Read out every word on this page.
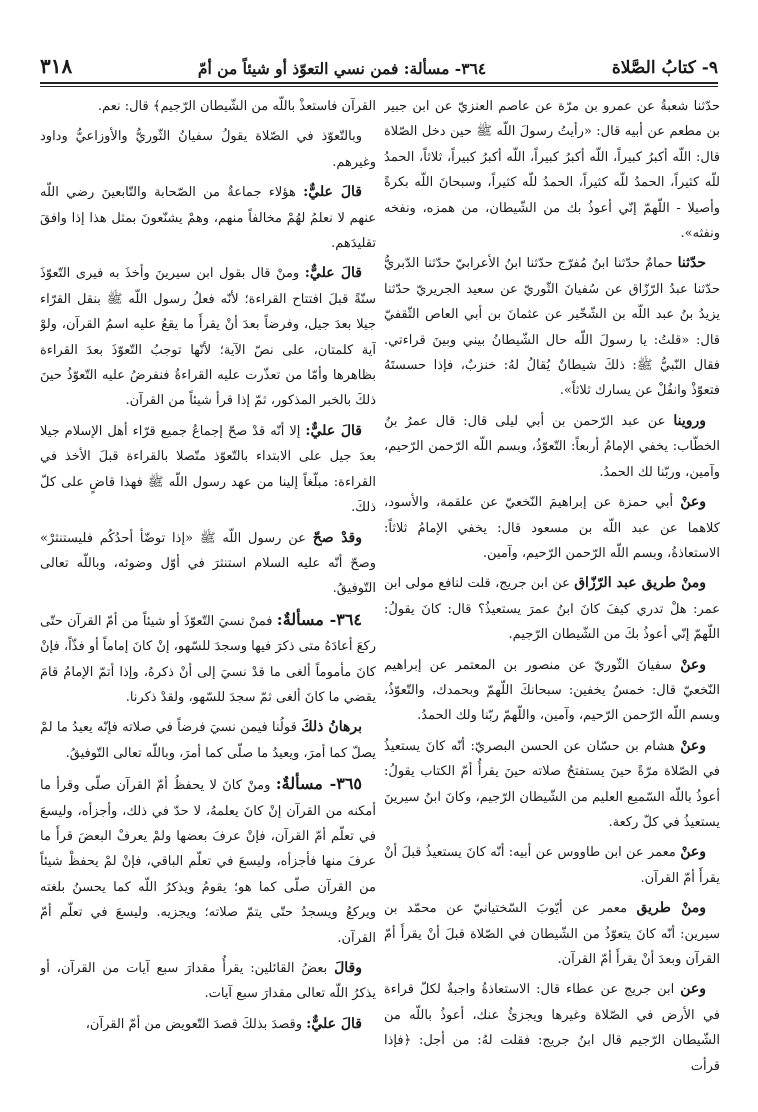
٩- كتابُ الصَّلاة
٣٦٤- مسألة: فمن نسي التعوّذ أو شيئاً من أمّ
٣١٨

حدّثنا شعبةُ عن عمرو بن مرّة عن عاصم العنزيّ عن ابن جبير بن مطعم عن أبيه قال: «رأيتُ رسولَ اللّه ﷺ حين دخل الصّلاة قال: اللّه أكبرُ كبيراً، اللّه أكبرُ كبيراً، اللّه أكبرُ كبيراً، ثلاثاً، الحمدُ للّه كثيراً، الحمدُ للّه كثيراً، الحمدُ للّه كثيراً، وسبحانَ اللّه بكرةً وأصيلا - اللّهمّ إنّي أعوذُ بك من الشّيطان، من همزه، ونفخه ونفثه».

حدّثنا حمامٌ حدّثنا ابنُ مُفرّج حدّثنا ابنُ الأعرابيّ حدّثنا الدّبريُّ حدّثنا عبدُ الرّزّاق عن سُفيانَ الثّوريّ عن سعيد الجريريّ حدّثنا يزيدُ بنُ عبد اللّه بن الشّخّير عن عثمانَ بن أبي العاص الثّقفيّ قال: «قلتُ: يا رسولَ اللّه حال الشّيطانُ بيني وبينَ قراءتي. فقال النّبيُّ ﷺ: ذلكَ شيطانٌ يُقالُ لهُ: خنزبٌ، فإذا حسستَهُ فتعوّذْ وانفُلْ عن يسارك ثلاثاً».

وروينا عن عبد الرّحمن بن أبي ليلى قال: قال عمرُ بنُ الخطّاب: يخفي الإمامُ أربعاً: التّعوّذُ، وبسم اللّه الرّحمن الرّحيم، وآمين، وربّنا لك الحمدُ.

وعنْ أبي حمزة عن إبراهيمَ النّخعيّ عن علقمة، والأسود، كلاهما عن عبد اللّه بن مسعود قال: يخفي الإمامُ ثلاثاً: الاستعاذةُ، وبسم اللّه الرّحمن الرّحيم، وآمين.

ومنْ طريق عبد الرّزّاق عن ابن جريج، قلت لنافع مولى ابن عمر: هلْ تدري كيفَ كانَ ابنُ عمرَ يستعيذُ؟ قال: كانَ يقولُ: اللّهمّ إنّي أعوذُ بكَ من الشّيطان الرّجيم.

وعنْ سفيانَ الثّوريّ عن منصور بن المعتمر عن إبراهيم النّخعيّ قال: خمسٌ يخفين: سبحانكَ اللّهمّ وبحمدك، والتّعوّذُ، وبسم اللّه الرّحمن الرّحيم، وآمين، واللّهمّ ربّنا ولك الحمدُ.

وعنْ هشام بن حسّان عن الحسن البصريّ: أنّه كانَ يستعيذُ في الصّلاة مرّةً حينَ يستفتحُ صلاته حينَ يقرأُ أمّ الكتاب يقولُ: أعوذُ باللّه السّميع العليم من الشّيطان الرّجيم، وكانَ ابنُ سيرينَ يستعيذُ في كلّ ركعة.

وعنْ معمر عن ابن طاووس عن أبيه: أنّه كانَ يستعيذُ قبلَ أنْ يقرأَ أمّ القرآن.

ومنْ طريق معمر عن أيّوبَ السّختيانيّ عن محمّد بن سيرين: أنّه كانَ يتعوّذُ من الشّيطان في الصّلاة قبلَ أنْ يقرأَ أمّ القرآن وبعدَ أنْ يقرأَ أمّ القرآن.

وعن ابن جريج عن عطاء قال: الاستعاذةُ واجبةٌ لكلّ قراءة في الأرض في الصّلاة وغيرها ويجزئُ عنك، أعوذُ باللّه من الشّيطان الرّجيم قال ابنُ جريج: فقلت لهُ: من أجل: ﴿فإذا قرأت

القرآن فاستعذْ باللّه من الشّيطان الرّجيم﴾ قال: نعم.

وبالتّعوّذ في الصّلاة يقولُ سفيانُ الثّوريُّ والأوزاعيُّ وداود وغيرهم.

قالَ عليٌّ: هؤلاء جماعةٌ من الصّحابة والتّابعينَ رضي اللّه عنهم لا نعلمُ لهُمْ مخالفاً منهم، وهمْ يشنّعونَ بمثل هذا إذا وافقَ تقليدَهم.

قالَ عليٌّ: ومنْ قال بقول ابن سيرينَ وأخذَ به فيرى التّعوّذَ سنّةً قبلَ افتتاح القراءة؛ لأنّه فعلُ رسول اللّه ﷺ بنقل القرّاء جيلا بعدَ جيل، وفرضاً بعدَ أنْ يقرأَ ما يقعُ عليه اسمُ القرآن، ولوْ آية كلمتان، على نصّ الآية؛ لأنّها توجبُ التّعوّذَ بعدَ القراءة بظاهرها وأمّا من تعذّرت عليه القراءةُ فنفرضُ عليه التّعوّذُ حينَ ذلكَ بالخبر المذكور، ثمّ إذا قرأ شيئاً من القرآن.

قالَ عليٌّ: إلا أنّه قدْ صحّ إجماعُ جميع قرّاء أهل الإسلام جيلا بعدَ جيل على الابتداء بالتّعوّذ متّصلا بالقراءة قبلَ الأخذ في القراءة: مبلّغاً إلينا من عهد رسول اللّه ﷺ فهذا قاضٍ على كلّ ذلكَ.

وقدْ صحّ عن رسول اللّه ﷺ «إذا توضّأ أحدُكُم فليستنثرْ» وصحّ أنّه عليه السلام استنثرَ في أوّل وضوئه، وباللّه تعالى التّوفيقُ.

٣٦٤- مسألةٌ: فمنْ نسيَ التّعوّذَ أو شيئاً من أمّ القرآن حتّى ركعَ أعادَهُ متى ذكرَ فيها وسجدَ للسّهو، إنْ كانَ إماماً أو فذّاً، فإنْ كانَ مأموماً ألغى ما قدْ نسيَ إلى أنْ ذكرهُ، وإذا أتمّ الإمامُ قامَ يقضي ما كانَ ألغى ثمّ سجدَ للسّهو، ولقدْ ذكرنا.

برهانُ ذلكَ قولُنا فيمن نسيَ فرضاً في صلاته فإنّه يعيدُ ما لمْ يصلّ كما أمرَ، ويعيدُ ما صلّى كما أمرَ، وباللّه تعالى التّوفيقُ.

٣٦٥- مسألةٌ: ومنْ كانَ لا يحفظُ أمّ القرآن صلّى وقرأ ما أمكنه من القرآن إنْ كانَ يعلمهُ، لا حدّ في ذلك، وأجزأه، وليسعَ في تعلّم أمّ القرآن، فإنْ عرفَ بعضها ولمْ يعرفْ البعضَ قرأَ ما عرفَ منها فأجزأه، وليسعَ في تعلّم الباقي، فإنْ لمْ يحفظْ شيئاً من القرآن صلّى كما هو؛ يقومُ ويذكرُ اللّه كما يحسنُ بلغته ويركعُ ويسجدُ حتّى يتمّ صلاته؛ ويجزيه. وليسعَ في تعلّم أمّ القرآن.

وقالَ بعضُ القائلين: يقرأُ مقدارَ سبع آيات من القرآن، أو يذكرُ اللّه تعالى مقدارَ سبع آيات.

قالَ عليٌّ: وقصدَ بذلكَ قصدَ التّعويض من أمّ القرآن،
